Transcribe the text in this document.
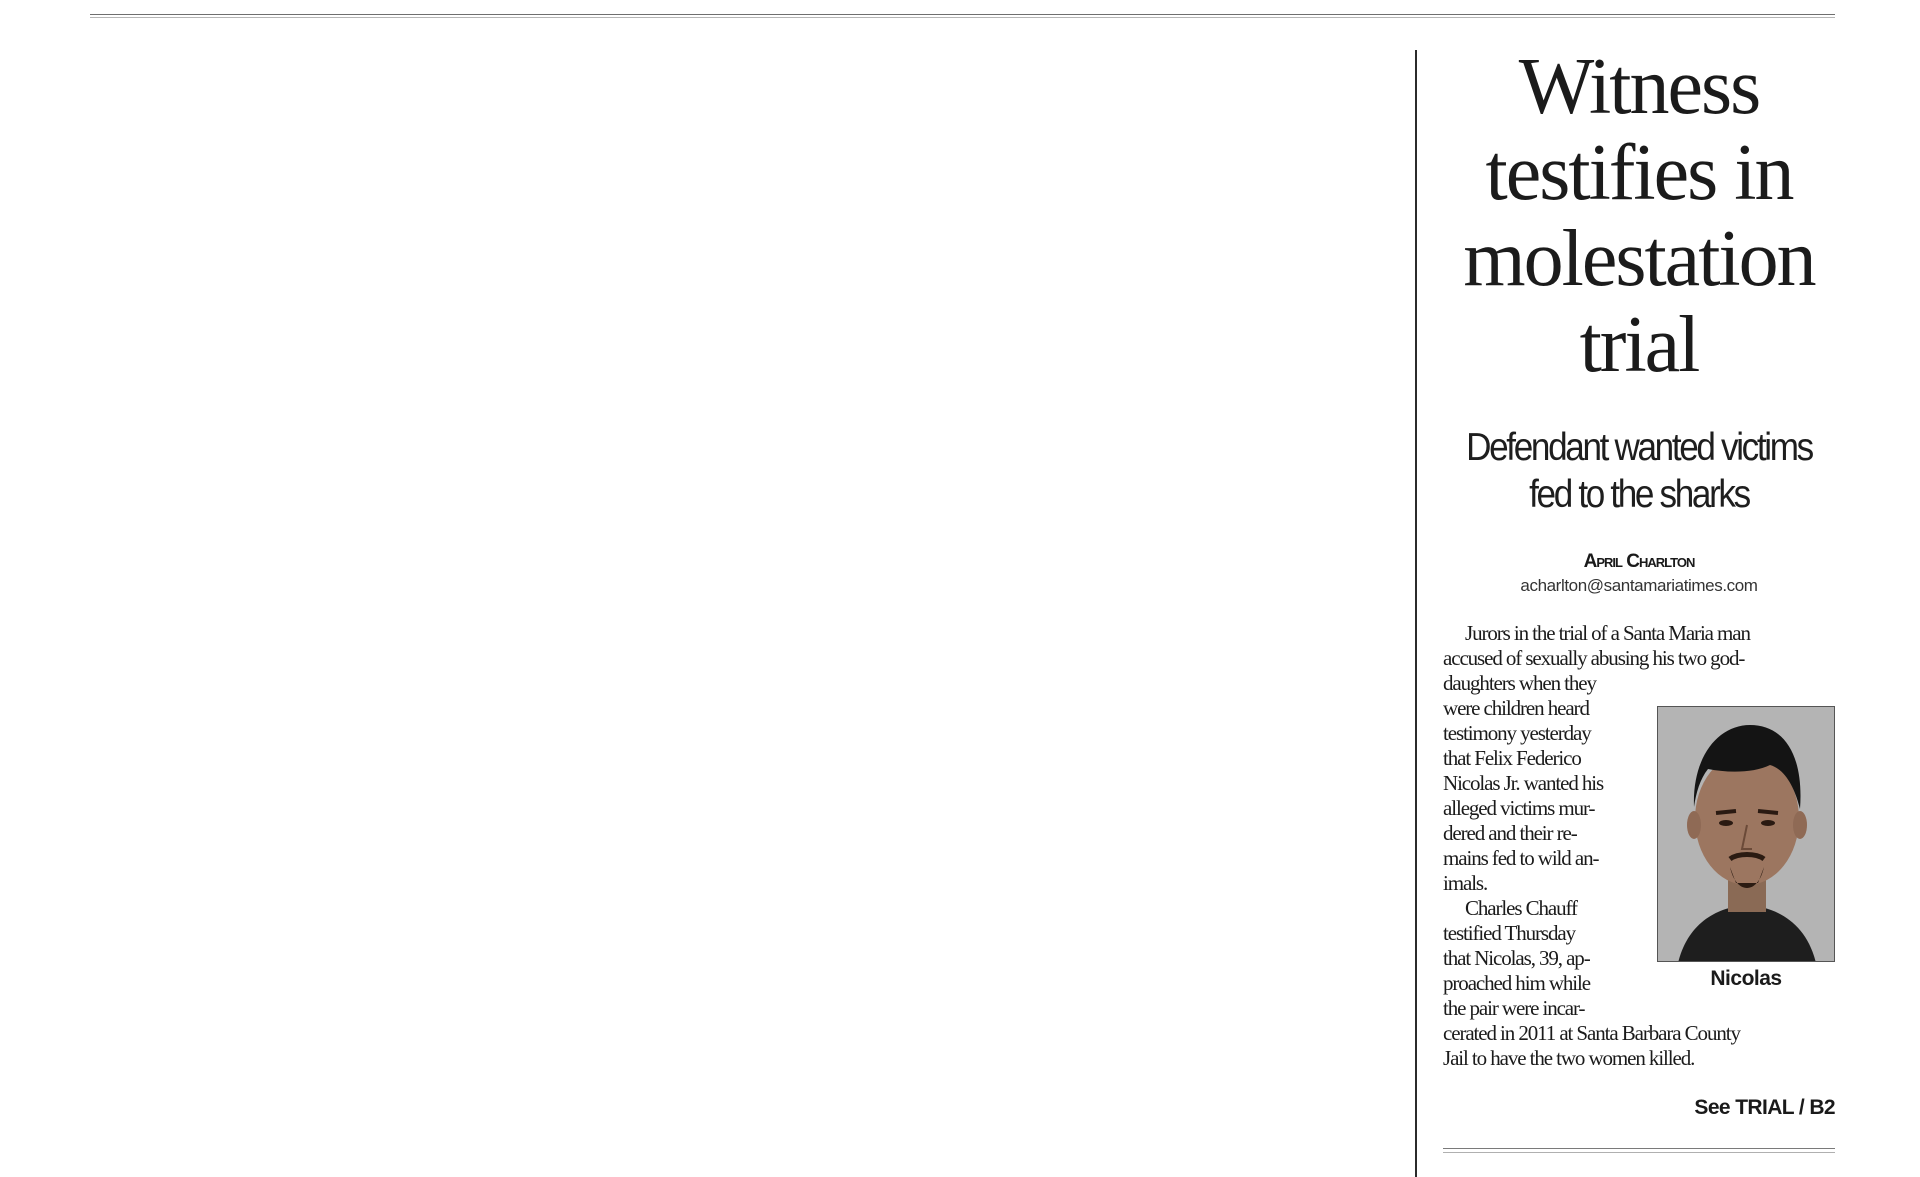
Witness
testifies in
molestation
trial
Defendant wanted victims
fed to the sharks
April Charlton
acharlton@santamariatimes.com
Jurors in the trial of a Santa Maria man
accused of sexually abusing his two god-
daughters when they
were children heard
testimony yesterday
that Felix Federico
Nicolas Jr. wanted his
alleged victims mur-
dered and their re-
mains fed to wild an-
imals.
Charles Chauff
testified Thursday
that Nicolas, 39, ap-
proached him while
the pair were incar-
cerated in 2011 at Santa Barbara County
Jail to have the two women killed.
Nicolas
See TRIAL / B2
